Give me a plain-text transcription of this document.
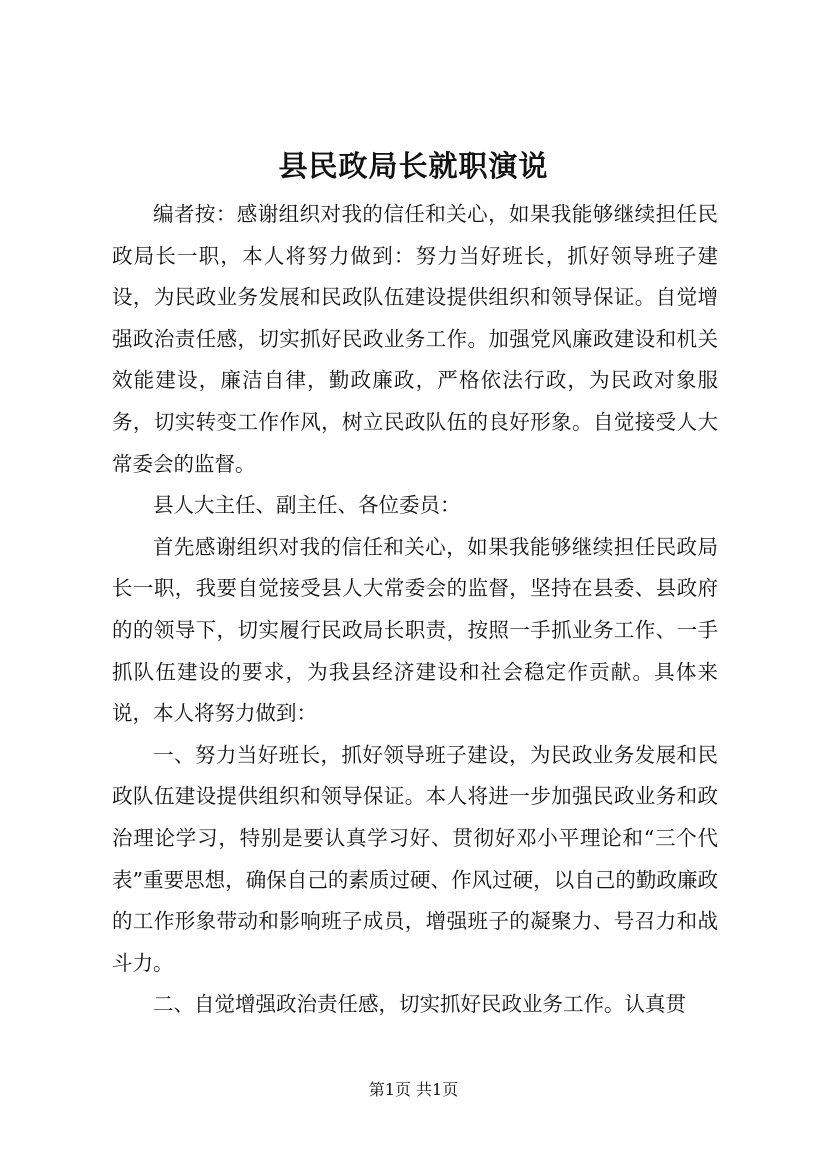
县民政局长就职演说

编者按：感谢组织对我的信任和关心，如果我能够继续担任民政局长一职，本人将努力做到：努力当好班长，抓好领导班子建设，为民政业务发展和民政队伍建设提供组织和领导保证。自觉增强政治责任感，切实抓好民政业务工作。加强党风廉政建设和机关效能建设，廉洁自律，勤政廉政，严格依法行政，为民政对象服务，切实转变工作作风，树立民政队伍的良好形象。自觉接受人大常委会的监督。

县人大主任、副主任、各位委员：

首先感谢组织对我的信任和关心，如果我能够继续担任民政局长一职，我要自觉接受县人大常委会的监督，坚持在县委、县政府的的领导下，切实履行民政局长职责，按照一手抓业务工作、一手抓队伍建设的要求，为我县经济建设和社会稳定作贡献。具体来说，本人将努力做到：

一、努力当好班长，抓好领导班子建设，为民政业务发展和民政队伍建设提供组织和领导保证。本人将进一步加强民政业务和政治理论学习，特别是要认真学习好、贯彻好邓小平理论和“三个代表”重要思想，确保自己的素质过硬、作风过硬，以自己的勤政廉政的工作形象带动和影响班子成员，增强班子的凝聚力、号召力和战斗力。

二、自觉增强政治责任感，切实抓好民政业务工作。认真贯

第1页 共1页
